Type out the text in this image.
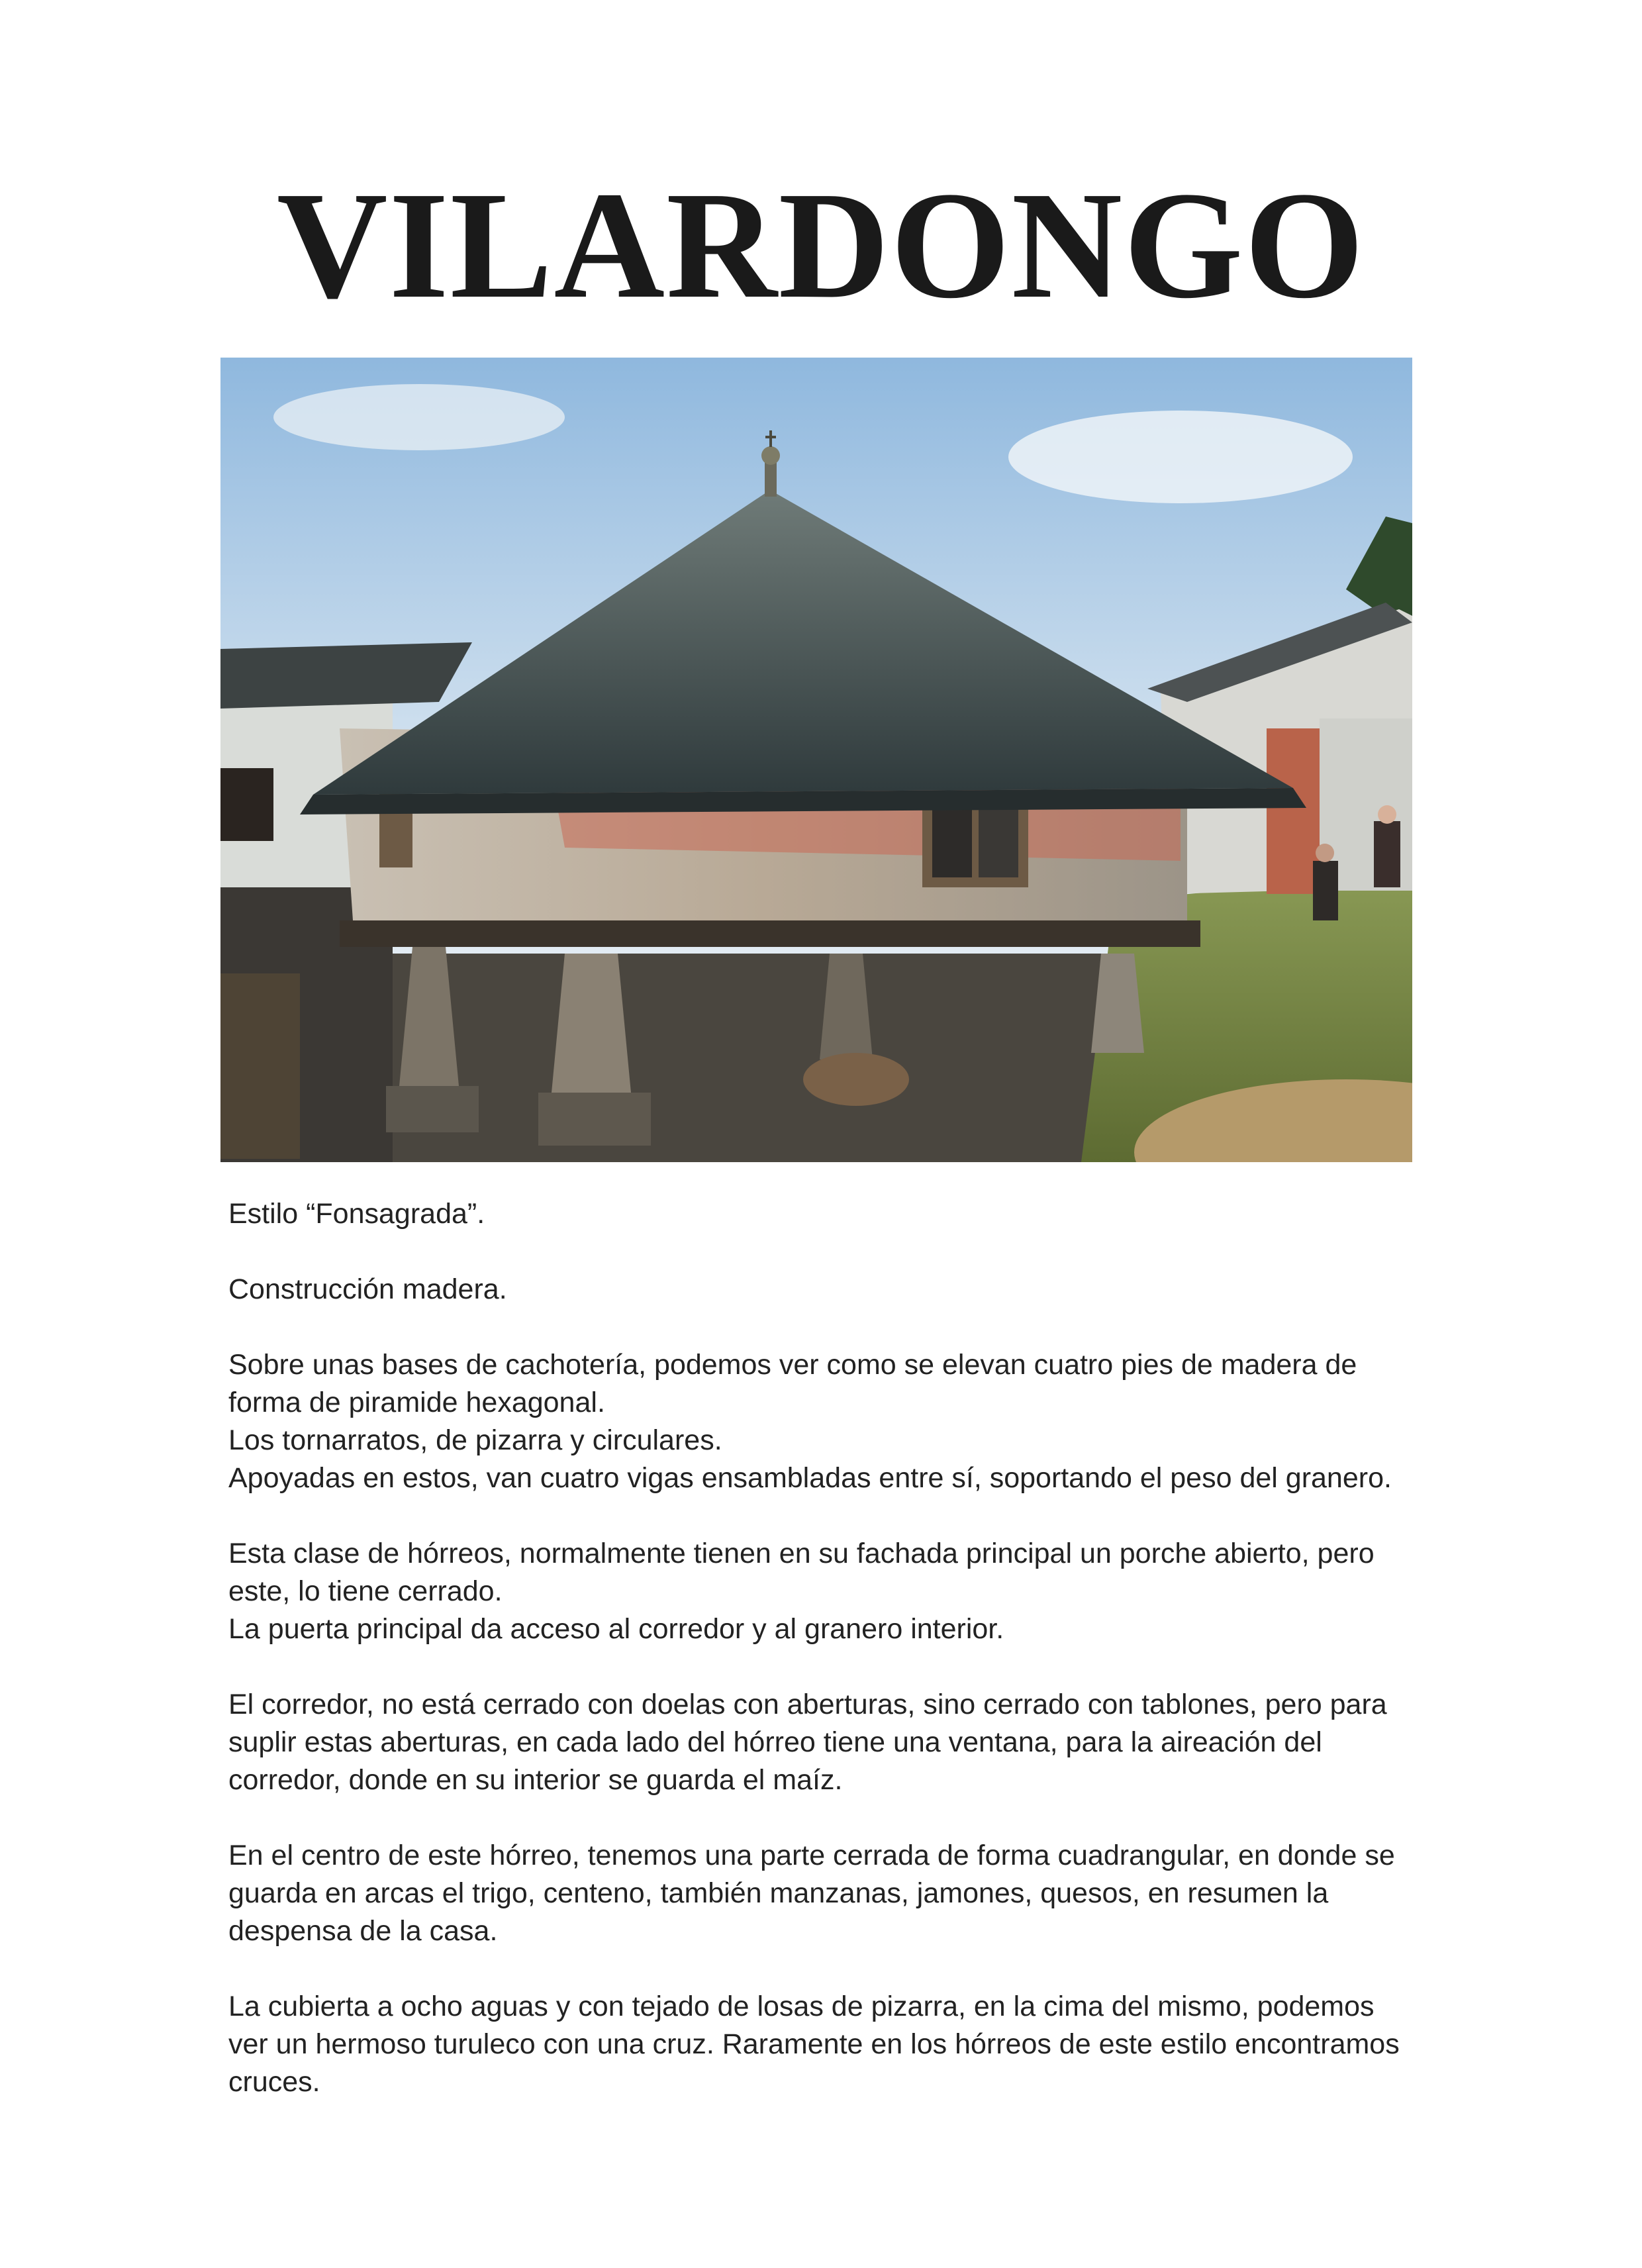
VILARDONGO

Estilo “Fonsagrada”.

Construcción madera.

Sobre unas bases de cachotería, podemos ver como se elevan cuatro pies de madera de forma de piramide hexagonal.
Los tornarratos, de pizarra y circulares.
Apoyadas en estos, van cuatro vigas ensambladas entre sí, soportando el peso del granero.

Esta clase de hórreos, normalmente tienen en su fachada principal un porche abierto, pero este, lo tiene cerrado.
La puerta principal da acceso al corredor y al granero interior.

El corredor, no está cerrado con doelas con aberturas, sino cerrado con tablones, pero para suplir estas aberturas, en cada lado del hórreo tiene una ventana, para la aireación del corredor, donde en su interior se guarda el maíz.

En el centro de este hórreo, tenemos una parte cerrada de forma cuadrangular, en donde se guarda en arcas el trigo, centeno, también manzanas, jamones, quesos, en resumen la despensa de la casa.

La cubierta a ocho aguas y con tejado de losas de pizarra, en la cima del mismo, podemos ver un hermoso turuleco con una cruz. Raramente en los hórreos de este estilo encontramos cruces.
